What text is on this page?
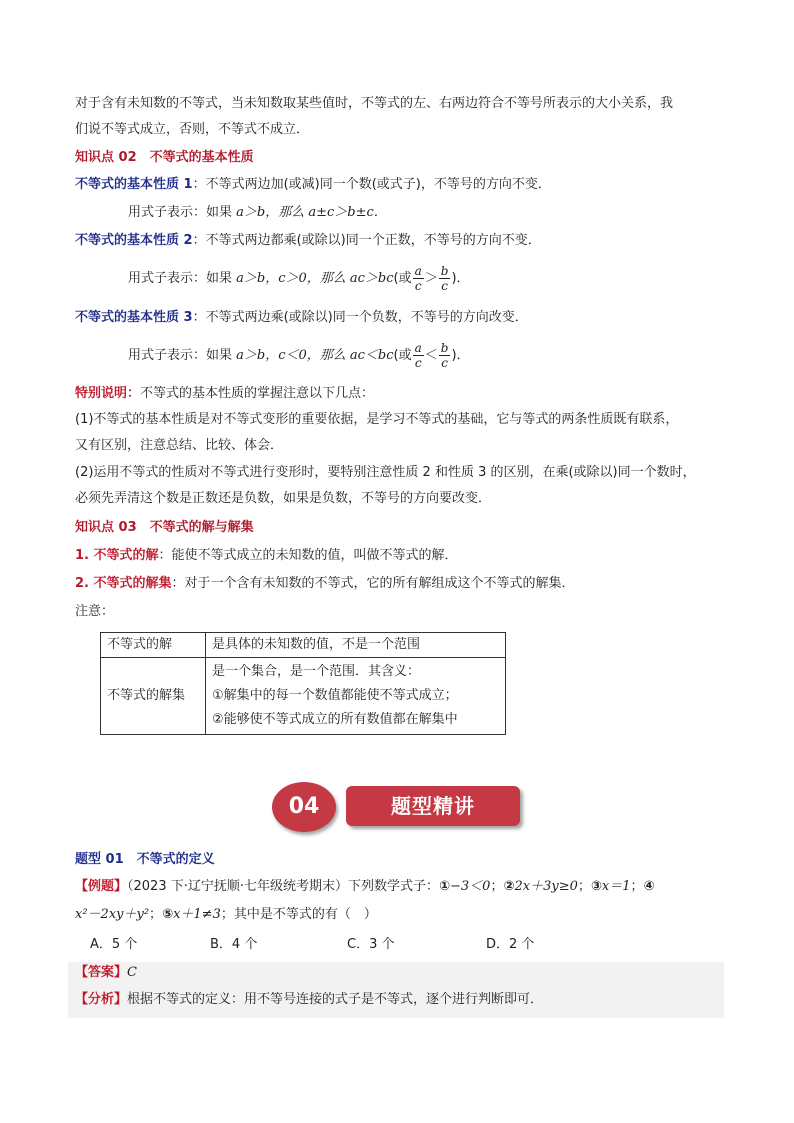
对于含有未知数的不等式，当未知数取某些值时，不等式的左、右两边符合不等号所表示的大小关系，我
们说不等式成立，否则，不等式不成立．
知识点 02　不等式的基本性质
不等式的基本性质 1：不等式两边加(或减)同一个数(或式子)，不等号的方向不变．
用式子表示：如果 a＞b，那么 a±c＞b±c．
不等式的基本性质 2：不等式两边都乘(或除以)同一个正数，不等号的方向不变．
用式子表示：如果 a＞b，c＞0，那么 ac＞bc(或 $\frac{a}{c} > \frac{b}{c}$ )．
不等式的基本性质 3：不等式两边乘(或除以)同一个负数，不等号的方向改变．
用式子表示：如果 a＞b，c＜0，那么 ac＜bc(或 $\frac{a}{c} < \frac{b}{c}$ )．
特别说明：不等式的基本性质的掌握注意以下几点：
(1)不等式的基本性质是对不等式变形的重要依据，是学习不等式的基础，它与等式的两条性质既有联系，
又有区别，注意总结、比较、体会．
(2)运用不等式的性质对不等式进行变形时，要特别注意性质 2 和性质 3 的区别，在乘(或除以)同一个数时，
必须先弄清这个数是正数还是负数，如果是负数，不等号的方向要改变．
知识点 03　不等式的解与解集
1. 不等式的解：能使不等式成立的未知数的值，叫做不等式的解．
2. 不等式的解集：对于一个含有未知数的不等式，它的所有解组成这个不等式的解集．
注意：
不等式的解	是具体的未知数的值，不是一个范围
不等式的解集	是一个集合，是一个范围．其含义：
①解集中的每一个数值都能使不等式成立；
②能够使不等式成立的所有数值都在解集中
04	题型精讲
题型 01　不等式的定义
【例题】（2023 下·辽宁抚顺·七年级统考期末）下列数学式子：①−3＜0；②2x＋3y≥0；③x＝1；④
x²－2xy＋y²；⑤x＋1≠3；其中是不等式的有（　）
A．5 个	B．4 个	C．3 个	D．2 个
【答案】C
【分析】根据不等式的定义：用不等号连接的式子是不等式，逐个进行判断即可．
